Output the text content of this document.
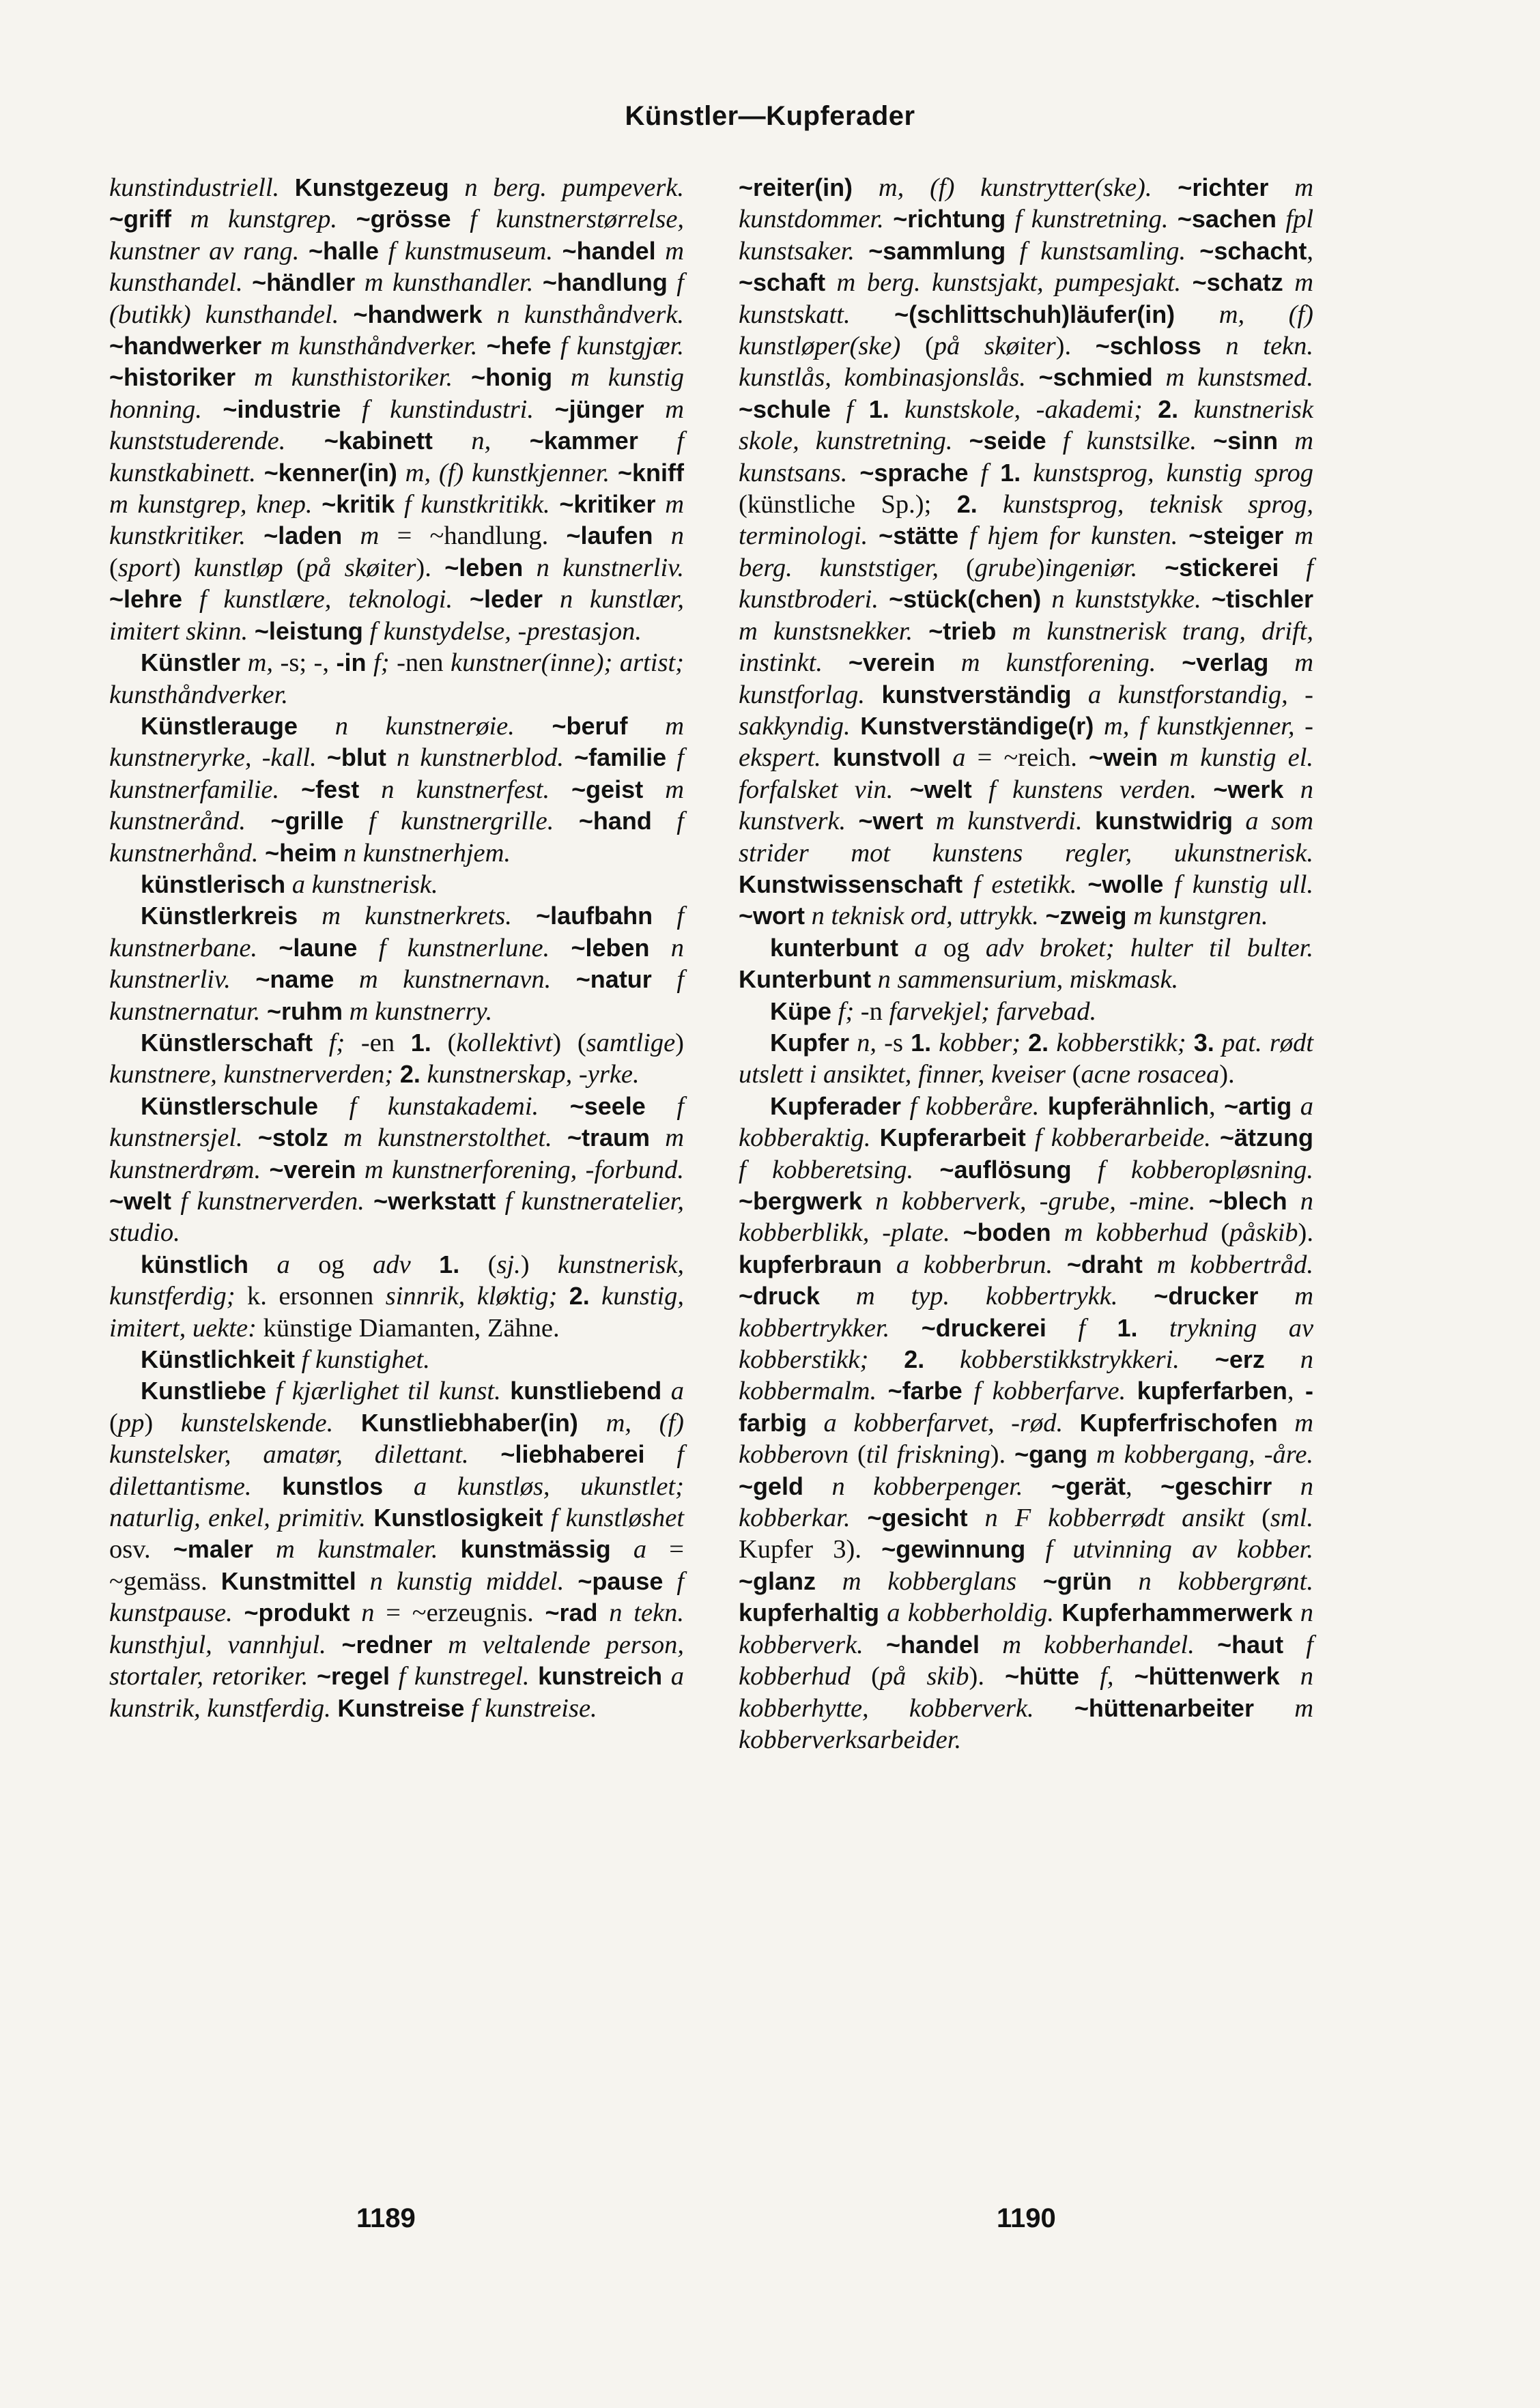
Künstler—Kupferader

kunstindustriell. Kunstgezeug n berg. pumpeverk. ~griff m kunstgrep. ~grösse f kunstnerstørrelse, kunstner av rang. ~halle f kunstmuseum. ~handel m kunsthandel. ~händler m kunsthandler. ~handlung f (butikk) kunsthandel. ~handwerk n kunsthåndverk. ~handwerker m kunsthåndverker. ~hefe f kunstgjær. ~historiker m kunsthistoriker. ~honig m kunstig honning. ~industrie f kunstindustri. ~jünger m kunststuderende. ~kabinett n, ~kammer f kunstkabinett. ~kenner(in) m, (f) kunstkjenner. ~kniff m kunstgrep, knep. ~kritik f kunstkritikk. ~kritiker m kunstkritiker. ~laden m = ~handlung. ~laufen n (sport) kunstløp (på skøiter). ~leben n kunstnerliv. ~lehre f kunstlære, teknologi. ~leder n kunstlær, imitert skinn. ~leistung f kunstydelse, -prestasjon.

Künstler m, -s; -, -in f; -nen kunstner(inne); artist; kunsthåndverker.

Künstlerauge n kunstnerøie. ~beruf m kunstneryrke, -kall. ~blut n kunstnerblod. ~familie f kunstnerfamilie. ~fest n kunstnerfest. ~geist m kunstnerånd. ~grille f kunstnergrille. ~hand f kunstnerhånd. ~heim n kunstnerhjem.

künstlerisch a kunstnerisk.

Künstlerkreis m kunstnerkrets. ~laufbahn f kunstnerbane. ~laune f kunstnerlune. ~leben n kunstnerliv. ~name m kunstnernavn. ~natur f kunstnernatur. ~ruhm m kunstnerry.

Künstlerschaft f; -en 1. (kollektivt) (samtlige) kunstnere, kunstnerverden; 2. kunstnerskap, -yrke.

Künstlerschule f kunstakademi. ~seele f kunstnersjel. ~stolz m kunstnerstolthet. ~traum m kunstnerdrøm. ~verein m kunstnerforening, -forbund. ~welt f kunstnerverden. ~werkstatt f kunstneratelier, studio.

künstlich a og adv 1. (sj.) kunstnerisk, kunstferdig; k. ersonnen sinnrik, kløktig; 2. kunstig, imitert, uekte: künstige Diamanten, Zähne.

Künstlichkeit f kunstighet.

Kunstliebe f kjærlighet til kunst. kunstliebend a (pp) kunstelskende. Kunstliebhaber(in) m, (f) kunstelsker, amatør, dilettant. ~liebhaberei f dilettantisme. kunstlos a kunstløs, ukunstlet; naturlig, enkel, primitiv. Kunstlosigkeit f kunstløshet osv. ~maler m kunstmaler. kunstmässig a = ~gemäss. Kunstmittel n kunstig middel. ~pause f kunstpause. ~produkt n = ~erzeugnis. ~rad n tekn. kunsthjul, vannhjul. ~redner m veltalende person, stortaler, retoriker. ~regel f kunstregel. kunstreich a kunstrik, kunstferdig. Kunstreise f kunstreise.

~reiter(in) m, (f) kunstrytter(ske). ~richter m kunstdommer. ~richtung f kunstretning. ~sachen fpl kunstsaker. ~sammlung f kunstsamling. ~schacht, ~schaft m berg. kunstsjakt, pumpesjakt. ~schatz m kunstskatt. ~(schlittschuh)läufer(in) m, (f) kunstløper(ske) (på skøiter). ~schloss n tekn. kunstlås, kombinasjonslås. ~schmied m kunstsmed. ~schule f 1. kunstskole, -akademi; 2. kunstnerisk skole, kunstretning. ~seide f kunstsilke. ~sinn m kunstsans. ~sprache f 1. kunstsprog, kunstig sprog (künstliche Sp.); 2. kunstsprog, teknisk sprog, terminologi. ~stätte f hjem for kunsten. ~steiger m berg. kunststiger, (grube)ingeniør. ~stickerei f kunstbroderi. ~stück(chen) n kunststykke. ~tischler m kunstsnekker. ~trieb m kunstnerisk trang, drift, instinkt. ~verein m kunstforening. ~verlag m kunstforlag. kunstverständig a kunstforstandig, -sakkyndig. Kunstverständige(r) m, f kunstkjenner, -ekspert. kunstvoll a = ~reich. ~wein m kunstig el. forfalsket vin. ~welt f kunstens verden. ~werk n kunstverk. ~wert m kunstverdi. kunstwidrig a som strider mot kunstens regler, ukunstnerisk. Kunstwissenschaft f estetikk. ~wolle f kunstig ull. ~wort n teknisk ord, uttrykk. ~zweig m kunstgren.

kunterbunt a og adv broket; hulter til bulter. Kunterbunt n sammensurium, miskmask.

Küpe f; -n farvekjel; farvebad.

Kupfer n, -s 1. kobber; 2. kobberstikk; 3. pat. rødt utslett i ansiktet, finner, kveiser (acne rosacea).

Kupferader f kobberåre. kupferähnlich, ~artig a kobberaktig. Kupferarbeit f kobberarbeide. ~ätzung f kobberetsing. ~auflösung f kobberopløsning. ~bergwerk n kobberverk, -grube, -mine. ~blech n kobberblikk, -plate. ~boden m kobberhud (påskib). kupferbraun a kobberbrun. ~draht m kobbertråd. ~druck m typ. kobbertrykk. ~drucker m kobbertrykker. ~druckerei f 1. trykning av kobberstikk; 2. kobberstikkstrykkeri. ~erz n kobbermalm. ~farbe f kobberfarve. kupferfarben, -farbig a kobberfarvet, -rød. Kupferfrischofen m kobberovn (til friskning). ~gang m kobbergang, -åre. ~geld n kobberpenger. ~gerät, ~geschirr n kobberkar. ~gesicht n F kobberrødt ansikt (sml. Kupfer 3). ~gewinnung f utvinning av kobber. ~glanz m kobberglans ~grün n kobbergrønt. kupferhaltig a kobberholdig. Kupferhammerwerk n kobberverk. ~handel m kobberhandel. ~haut f kobberhud (på skib). ~hütte f, ~hüttenwerk n kobberhytte, kobberverk. ~hüttenarbeiter m kobberverksarbeider.

1189	1190
